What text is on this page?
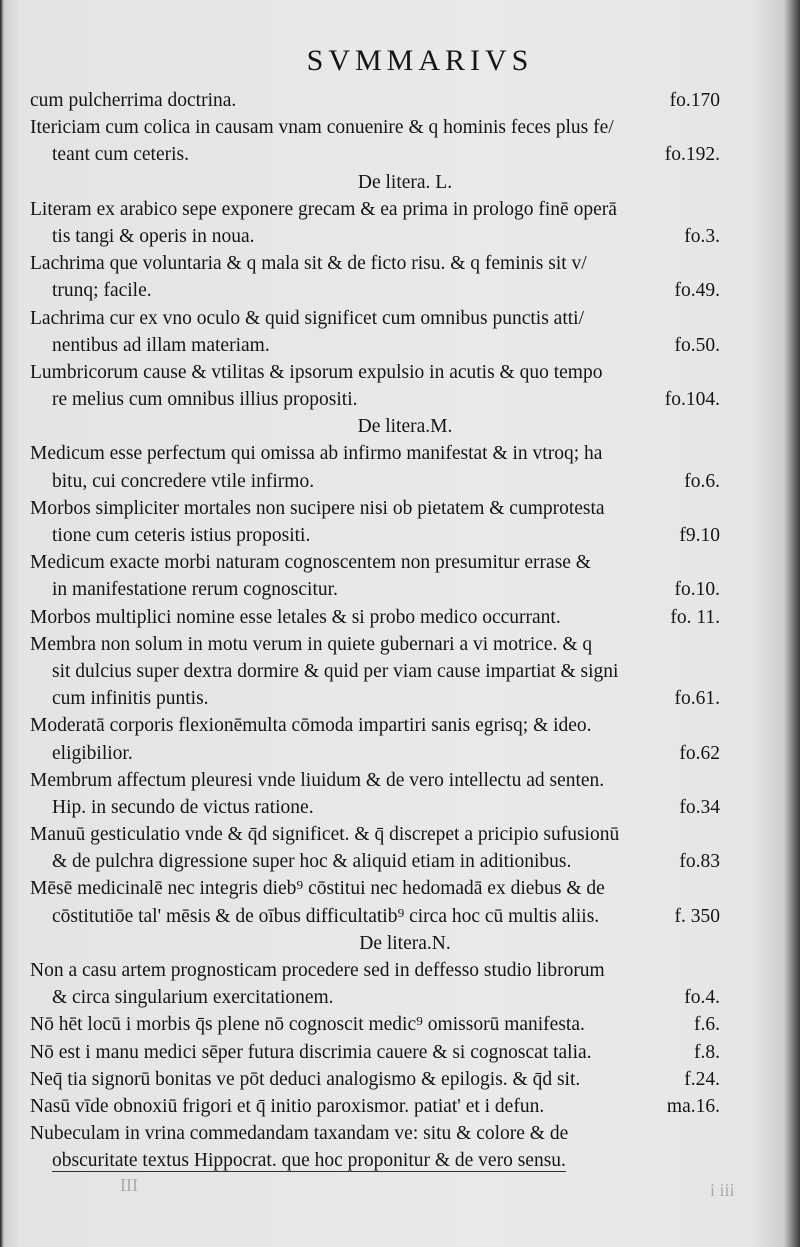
SVMMARIVS
cum pulcherrima doctrina.	fo.170
Itericiam cum colica in causam vnam conuenire & q hominis feces plus fe/
teant cum ceteris.	fo.192.
De litera. L.
Literam ex arabico sepe exponere grecam & ea prima in prologo finē operā
tis tangi & operis in noua.	fo.3.
Lachrima que voluntaria & q mala sit & de ficto risu. & q feminis sit v/
trunq; facile.	fo.49.
Lachrima cur ex vno oculo & quid significet cum omnibus punctis atti/
nentibus ad illam materiam.	fo.50.
Lumbricorum cause & vtilitas & ipsorum expulsio in acutis & quo tempo
re melius cum omnibus illius propositi.	fo.104.
De litera.M.
Medicum esse perfectum qui omissa ab infirmo manifestat & in vtroq; ha
bitu, cui concredere vtile infirmo.	fo.6.
Morbos simpliciter mortales non sucipere nisi ob pietatem & cumprotesta
tione cum ceteris istius propositi.	f9.10
Medicum exacte morbi naturam cognoscentem non presumitur errase &
in manifestatione rerum cognoscitur.	fo.10.
Morbos multiplici nomine esse letales & si probo medico occurrant.	fo. 11.
Membra non solum in motu verum in quiete gubernari a vi motrice. & q
sit dulcius super dextra dormire & quid per viam cause impartiat & signi
cum infinitis puntis.	fo.61.
Moderatā corporis flexionēmulta cōmoda impartiri sanis egrisq; & ideo.
eligibilior.	fo.62
Membrum affectum pleuresi vnde liuidum & de vero intellectu ad senten.
Hip. in secundo de victus ratione.	fo.34
Manuū gesticulatio vnde & q̄d significet. & q̄ discrepet a pricipio sufusionū
& de pulchra digressione super hoc & aliquid etiam in aditionibus.	fo.83
Mēsē medicinalē nec integris dieb⁹ cōstitui nec hedomadā ex diebus & de
cōstitutiōe tal' mēsis & de oībus difficultatib⁹ circa hoc cū multis aliis.	f. 350
De litera.N.
Non a casu artem prognosticam procedere sed in deffesso studio librorum
& circa singularium exercitationem.	fo.4.
Nō hēt locū i morbis q̄s plene nō cognoscit medic⁹ omissorū manifesta.	f.6.
Nō est i manu medici sēper futura discrimia cauere & si cognoscat talia.	f.8.
Neq̄ tia signorū bonitas ve pōt deduci analogismo & epilogis. & q̄d sit.	f.24.
Nasū vīde obnoxiū frigori et q̄ initio paroxismor. patiat' et i defun.	ma.16.
Nubeculam in vrina commedandam taxandam ve: situ & colore & de
obscuritate textus Hippocrat. que hoc proponitur & de vero sensu.
III	i iii
